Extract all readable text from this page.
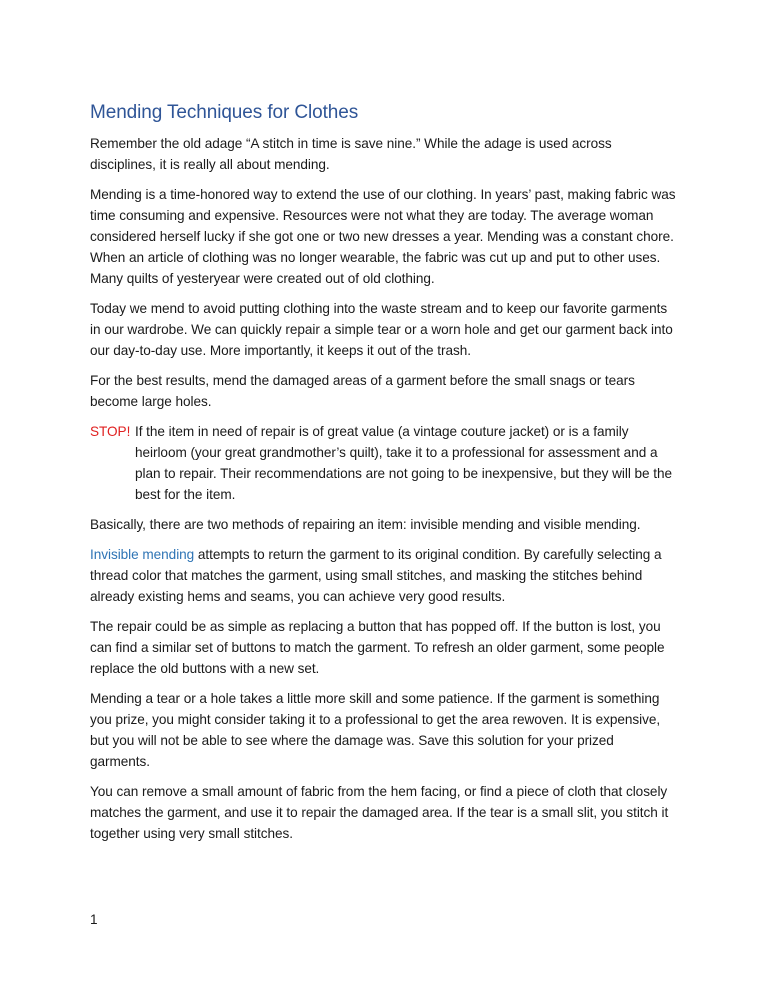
Mending Techniques for Clothes

Remember the old adage “A stitch in time is save nine.” While the adage is used across disciplines, it is really all about mending.

Mending is a time-honored way to extend the use of our clothing. In years’ past, making fabric was time consuming and expensive. Resources were not what they are today. The average woman considered herself lucky if she got one or two new dresses a year. Mending was a constant chore. When an article of clothing was no longer wearable, the fabric was cut up and put to other uses. Many quilts of yesteryear were created out of old clothing.

Today we mend to avoid putting clothing into the waste stream and to keep our favorite garments in our wardrobe. We can quickly repair a simple tear or a worn hole and get our garment back into our day-to-day use. More importantly, it keeps it out of the trash.

For the best results, mend the damaged areas of a garment before the small snags or tears become large holes.

STOP! If the item in need of repair is of great value (a vintage couture jacket) or is a family heirloom (your great grandmother’s quilt), take it to a professional for assessment and a plan to repair. Their recommendations are not going to be inexpensive, but they will be the best for the item.

Basically, there are two methods of repairing an item: invisible mending and visible mending.

Invisible mending attempts to return the garment to its original condition. By carefully selecting a thread color that matches the garment, using small stitches, and masking the stitches behind already existing hems and seams, you can achieve very good results.

The repair could be as simple as replacing a button that has popped off. If the button is lost, you can find a similar set of buttons to match the garment. To refresh an older garment, some people replace the old buttons with a new set.

Mending a tear or a hole takes a little more skill and some patience. If the garment is something you prize, you might consider taking it to a professional to get the area rewoven. It is expensive, but you will not be able to see where the damage was. Save this solution for your prized garments.

You can remove a small amount of fabric from the hem facing, or find a piece of cloth that closely matches the garment, and use it to repair the damaged area. If the tear is a small slit, you stitch it together using very small stitches.

1
